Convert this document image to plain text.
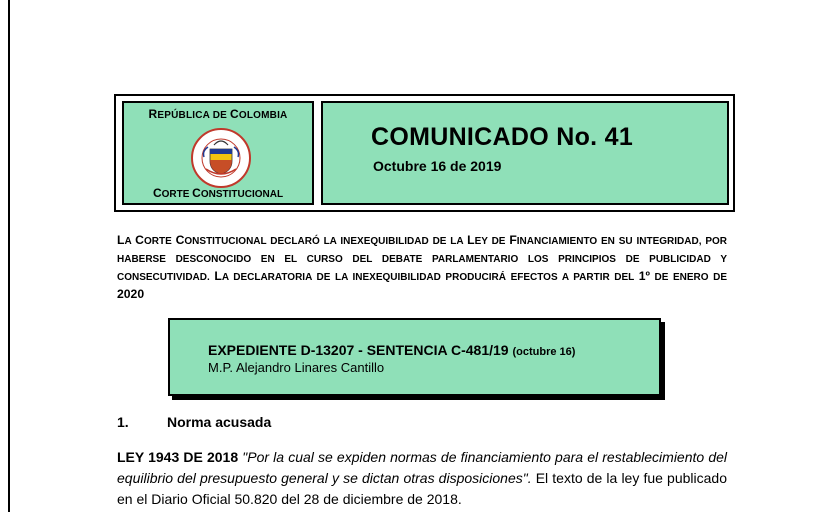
REPÚBLICA DE COLOMBIA
CORTE CONSTITUCIONAL
COMUNICADO No. 41
Octubre 16 de 2019
LA CORTE CONSTITUCIONAL DECLARÓ LA INEXEQUIBILIDAD DE LA LEY DE FINANCIAMIENTO EN SU INTEGRIDAD, POR HABERSE DESCONOCIDO EN EL CURSO DEL DEBATE PARLAMENTARIO LOS PRINCIPIOS DE PUBLICIDAD Y CONSECUTIVIDAD. LA DECLARATORIA DE LA INEXEQUIBILIDAD PRODUCIRÁ EFECTOS A PARTIR DEL 1º DE ENERO DE 2020
EXPEDIENTE D-13207 - SENTENCIA C-481/19 (octubre 16)
M.P. Alejandro Linares Cantillo
1.	Norma acusada
LEY 1943 DE 2018 "Por la cual se expiden normas de financiamiento para el restablecimiento del equilibrio del presupuesto general y se dictan otras disposiciones". El texto de la ley fue publicado en el Diario Oficial 50.820 del 28 de diciembre de 2018.
